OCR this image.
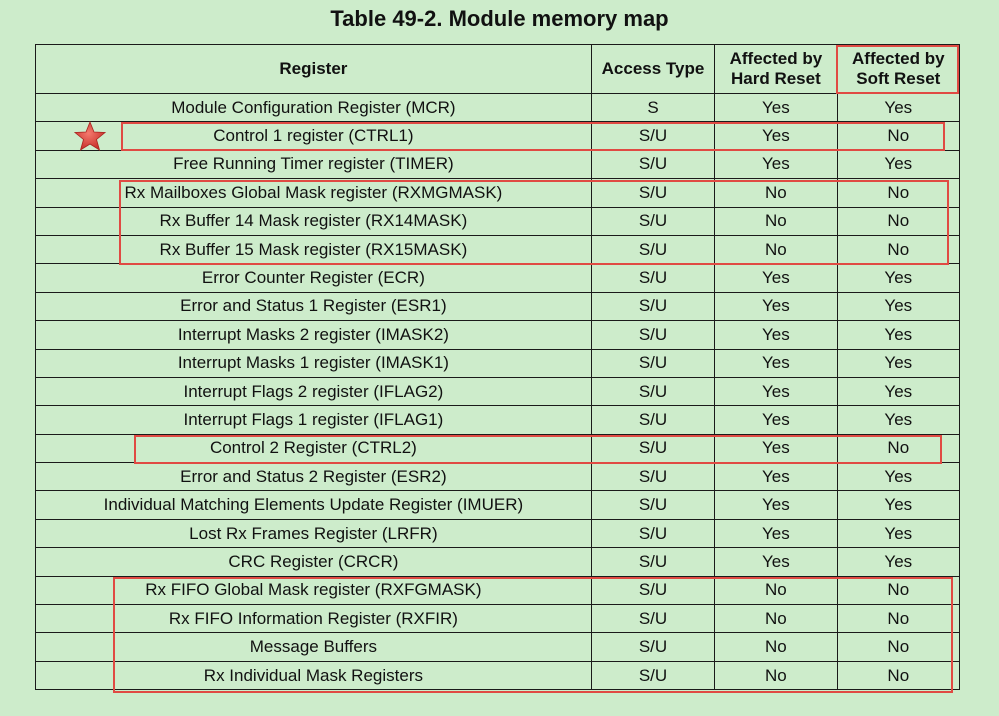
Table 49-2. Module memory map
Register	Access Type	Affected by Hard Reset	Affected by Soft Reset
Module Configuration Register (MCR)	S	Yes	Yes
Control 1 register (CTRL1)	S/U	Yes	No
Free Running Timer register (TIMER)	S/U	Yes	Yes
Rx Mailboxes Global Mask register (RXMGMASK)	S/U	No	No
Rx Buffer 14 Mask register (RX14MASK)	S/U	No	No
Rx Buffer 15 Mask register (RX15MASK)	S/U	No	No
Error Counter Register (ECR)	S/U	Yes	Yes
Error and Status 1 Register (ESR1)	S/U	Yes	Yes
Interrupt Masks 2 register (IMASK2)	S/U	Yes	Yes
Interrupt Masks 1 register (IMASK1)	S/U	Yes	Yes
Interrupt Flags 2 register (IFLAG2)	S/U	Yes	Yes
Interrupt Flags 1 register (IFLAG1)	S/U	Yes	Yes
Control 2 Register (CTRL2)	S/U	Yes	No
Error and Status 2 Register (ESR2)	S/U	Yes	Yes
Individual Matching Elements Update Register (IMUER)	S/U	Yes	Yes
Lost Rx Frames Register (LRFR)	S/U	Yes	Yes
CRC Register (CRCR)	S/U	Yes	Yes
Rx FIFO Global Mask register (RXFGMASK)	S/U	No	No
Rx FIFO Information Register (RXFIR)	S/U	No	No
Message Buffers	S/U	No	No
Rx Individual Mask Registers	S/U	No	No
